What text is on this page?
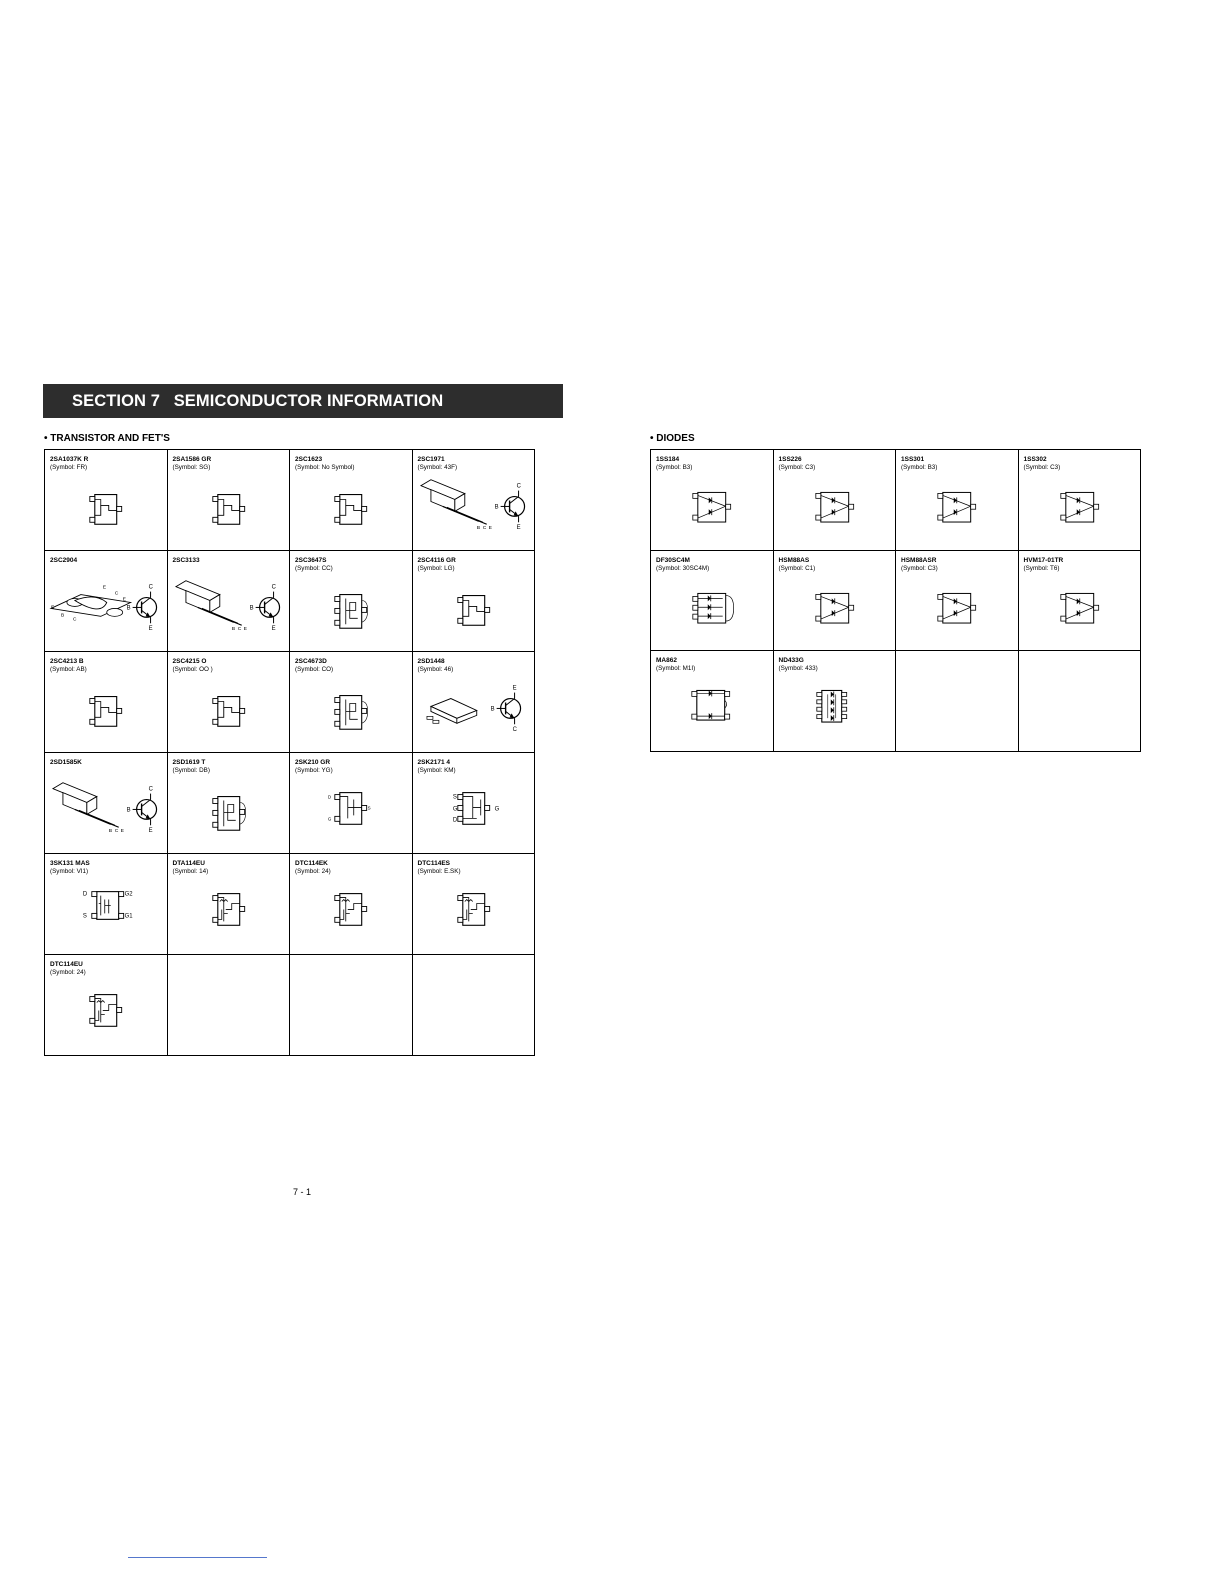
SECTION 7 SEMICONDUCTOR INFORMATION
• TRANSISTOR AND FET'S	• DIODES
2SA1037K R
(Symbol: FR)
2SA1586 GR
(Symbol: SG)
2SC1623
(Symbol: No Symbol)
2SC1971
(Symbol: 43F)
B C E
C
B
E
2SC2904
E
E
C
E
B
C
C
B
E
2SC3133
B C E
C
B
E
2SC3647S
(Symbol: CC)
2SC4116 GR
(Symbol: LG)
2SC4213 B
(Symbol: AB)
2SC4215 O
(Symbol: OO )
2SC4673D
(Symbol: CO)
2SD1448
(Symbol: 46)
E
B
C
2SD1585K
B C E
C
B
E
2SD1619 T
(Symbol: DB)
2SK210 GR
(Symbol: YG)
D
G
S
2SK2171 4
(Symbol: KM)
S
G
D
G
3SK131 MAS
(Symbol: VI1)
D
S
G2
G1
DTA114EU
(Symbol: 14)
DTC114EK
(Symbol: 24)
DTC114ES
(Symbol: E.SK)
DTC114EU
(Symbol: 24)
1SS184
(Symbol: B3)
1SS226
(Symbol: C3)
1SS301
(Symbol: B3)
1SS302
(Symbol: C3)
DF30SC4M
(Symbol: 30SC4M)
HSM88AS
(Symbol: C1)
HSM88ASR
(Symbol: C3)
HVM17-01TR
(Symbol: T6)
MA862
(Symbol: M1I)
ND433G
(Symbol: 433)
7 - 1
